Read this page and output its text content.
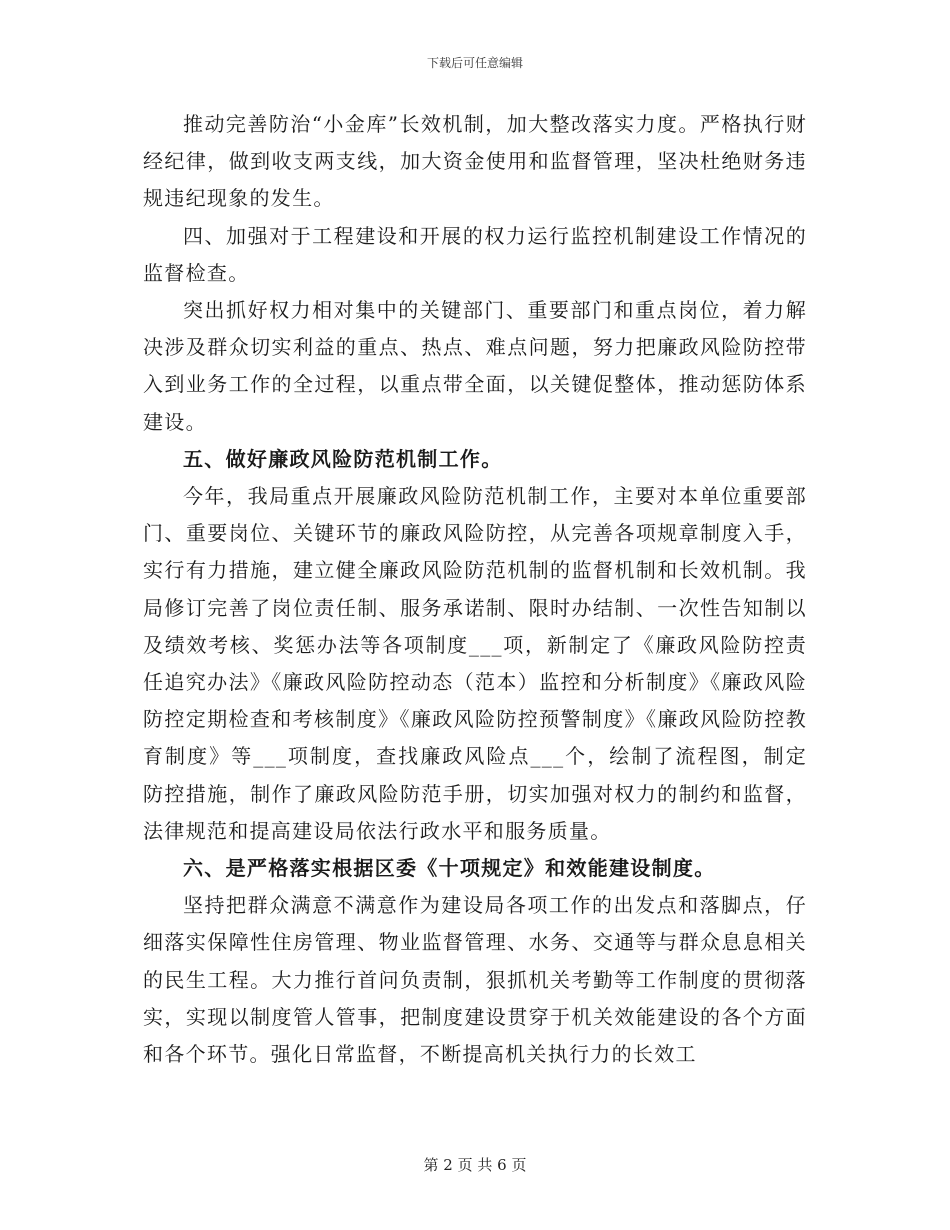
下载后可任意编辑

推动完善防治“小金库”长效机制，加大整改落实力度。严格执行财经纪律，做到收支两支线，加大资金使用和监督管理，坚决杜绝财务违规违纪现象的发生。

四、加强对于工程建设和开展的权力运行监控机制建设工作情况的监督检查。

突出抓好权力相对集中的关键部门、重要部门和重点岗位，着力解决涉及群众切实利益的重点、热点、难点问题，努力把廉政风险防控带入到业务工作的全过程，以重点带全面，以关键促整体，推动惩防体系建设。

五、做好廉政风险防范机制工作。

今年，我局重点开展廉政风险防范机制工作，主要对本单位重要部门、重要岗位、关键环节的廉政风险防控，从完善各项规章制度入手，实行有力措施，建立健全廉政风险防范机制的监督机制和长效机制。我局修订完善了岗位责任制、服务承诺制、限时办结制、一次性告知制以及绩效考核、奖惩办法等各项制度___项，新制定了《廉政风险防控责任追究办法》《廉政风险防控动态（范本）监控和分析制度》《廉政风险防控定期检查和考核制度》《廉政风险防控预警制度》《廉政风险防控教育制度》等___项制度，查找廉政风险点___个，绘制了流程图，制定防控措施，制作了廉政风险防范手册，切实加强对权力的制约和监督，法律规范和提高建设局依法行政水平和服务质量。

六、是严格落实根据区委《十项规定》和效能建设制度。

坚持把群众满意不满意作为建设局各项工作的出发点和落脚点，仔细落实保障性住房管理、物业监督管理、水务、交通等与群众息息相关的民生工程。大力推行首问负责制，狠抓机关考勤等工作制度的贯彻落实，实现以制度管人管事，把制度建设贯穿于机关效能建设的各个方面和各个环节。强化日常监督，不断提高机关执行力的长效工

第 2 页 共 6 页
